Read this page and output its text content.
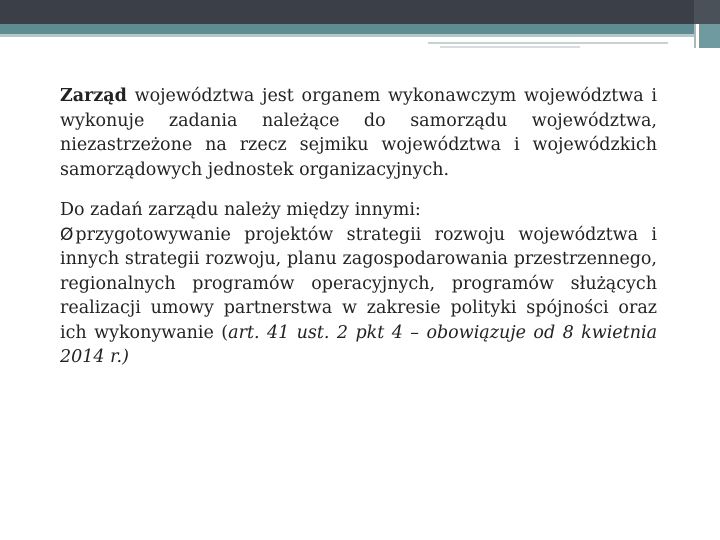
Zarząd województwa jest organem wykonawczym województwa i wykonuje zadania należące do samorządu województwa, niezastrzeżone na rzecz sejmiku województwa i wojewódzkich samorządowych jednostek organizacyjnych.

Do zadań zarządu należy między innymi:
Ø przygotowywanie projektów strategii rozwoju województwa i innych strategii rozwoju, planu zagospodarowania przestrzennego, regionalnych programów operacyjnych, programów służących realizacji umowy partnerstwa w zakresie polityki spójności oraz ich wykonywanie (art. 41 ust. 2 pkt 4 – obowiązuje od 8 kwietnia 2014 r.)
